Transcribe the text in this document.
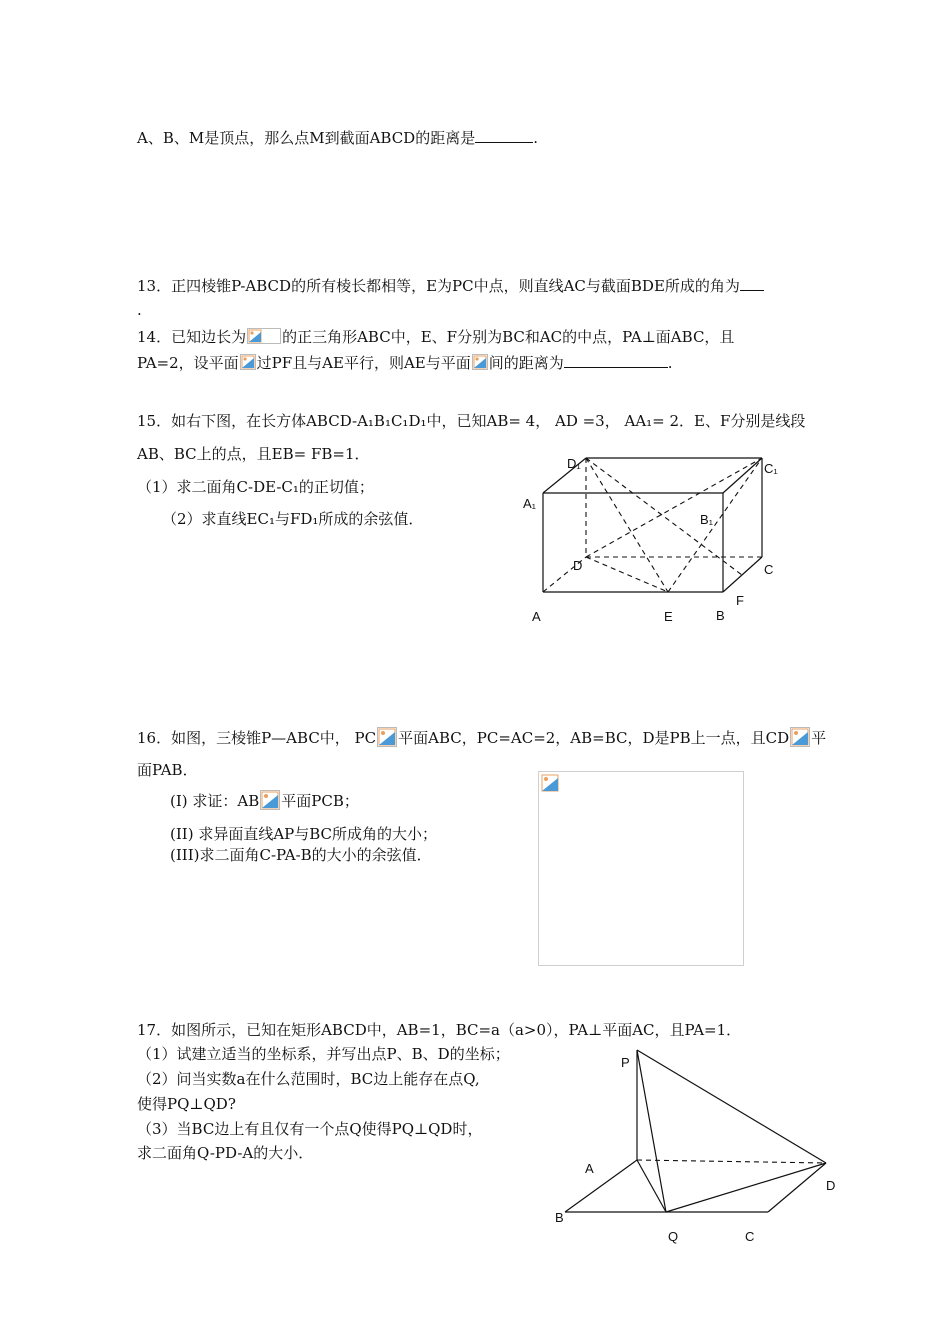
A、B、M是顶点，那么点M到截面ABCD的距离是	.
13．正四棱锥P-ABCD的所有棱长都相等，E为PC中点，则直线AC与截面BDE所成的角为
.
14．已知边长为 的正三角形ABC中，E、F分别为BC和AC的中点，PA⊥面ABC，且
PA=2，设平面 过PF且与AE平行，则AE与平面 间的距离为	.
15．如右下图，在长方体ABCD-A₁B₁C₁D₁中，已知AB= 4， AD =3， AA₁= 2．E、F分别是线段
AB、BC上的点，且EB= FB=1．
（1）求二面角C-DE-C₁的正切值；
（2）求直线EC₁与FD₁所成的余弦值．
D₁	C₁
A₁
B₁
D	C
F
A	E	B
16．如图，三棱锥P—ABC中， PC 平面ABC，PC=AC=2，AB=BC，D是PB上一点，且CD 平
面PAB．
(I) 求证：AB 平面PCB；
(II) 求异面直线AP与BC所成角的大小；
(III)求二面角C-PA-B的大小的余弦值．
17．如图所示，已知在矩形ABCD中，AB=1，BC=a（a>0），PA⊥平面AC，且PA=1．
（1）试建立适当的坐标系，并写出点P、B、D的坐标；
（2）问当实数a在什么范围时，BC边上能存在点Q,
使得PQ⊥QD?
（3）当BC边上有且仅有一个点Q使得PQ⊥QD时，
求二面角Q-PD-A的大小．
P
A
D
B
Q	C
